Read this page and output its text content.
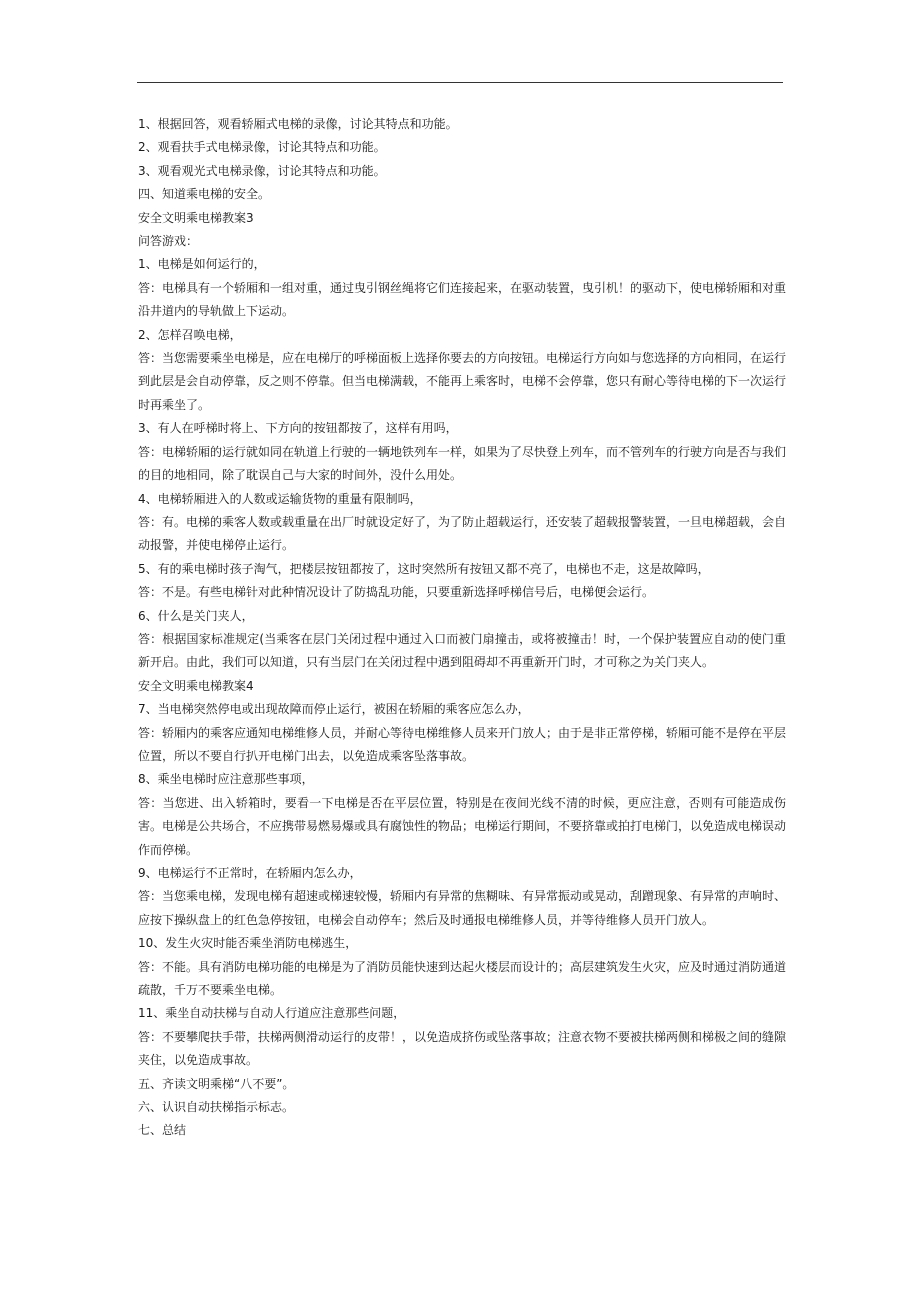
1、根据回答，观看轿厢式电梯的录像，讨论其特点和功能。

2、观看扶手式电梯录像，讨论其特点和功能。

3、观看观光式电梯录像，讨论其特点和功能。

四、知道乘电梯的安全。

安全文明乘电梯教案3

问答游戏：

1、电梯是如何运行的，

答：电梯具有一个轿厢和一组对重，通过曳引钢丝绳将它们连接起来，在驱动装置，曳引机！的驱动下，使电梯轿厢和对重沿井道内的导轨做上下运动。

2、怎样召唤电梯，

答：当您需要乘坐电梯是，应在电梯厅的呼梯面板上选择你要去的方向按钮。电梯运行方向如与您选择的方向相同，在运行到此层是会自动停靠，反之则不停靠。但当电梯满载，不能再上乘客时，电梯不会停靠，您只有耐心等待电梯的下一次运行时再乘坐了。

3、有人在呼梯时将上、下方向的按钮都按了，这样有用吗，

答：电梯轿厢的运行就如同在轨道上行驶的一辆地铁列车一样，如果为了尽快登上列车，而不管列车的行驶方向是否与我们的目的地相同，除了耽误自己与大家的时间外，没什么用处。

4、电梯轿厢进入的人数或运输货物的重量有限制吗，

答：有。电梯的乘客人数或载重量在出厂时就设定好了，为了防止超载运行，还安装了超载报警装置，一旦电梯超载，会自动报警，并使电梯停止运行。

5、有的乘电梯时孩子淘气，把楼层按钮都按了，这时突然所有按钮又都不亮了，电梯也不走，这是故障吗，

答：不是。有些电梯针对此种情况设计了防捣乱功能，只要重新选择呼梯信号后，电梯便会运行。

6、什么是关门夹人，

答：根据国家标准规定(当乘客在层门关闭过程中通过入口而被门扇撞击，或将被撞击！时，一个保护装置应自动的使门重新开启。由此，我们可以知道，只有当层门在关闭过程中遇到阻碍却不再重新开门时，才可称之为关门夹人。

安全文明乘电梯教案4

7、当电梯突然停电或出现故障而停止运行，被困在轿厢的乘客应怎么办，

答：轿厢内的乘客应通知电梯维修人员，并耐心等待电梯维修人员来开门放人；由于是非正常停梯，轿厢可能不是停在平层位置，所以不要自行扒开电梯门出去，以免造成乘客坠落事故。

8、乘坐电梯时应注意那些事项，

答：当您进、出入轿箱时，要看一下电梯是否在平层位置，特别是在夜间光线不清的时候，更应注意，否则有可能造成伤害。电梯是公共场合，不应携带易燃易爆或具有腐蚀性的物品；电梯运行期间，不要挤靠或拍打电梯门，以免造成电梯误动作而停梯。

9、电梯运行不正常时，在轿厢内怎么办，

答：当您乘电梯，发现电梯有超速或梯速较慢，轿厢内有异常的焦糊味、有异常振动或晃动，刮蹭现象、有异常的声响时、应按下操纵盘上的红色急停按钮，电梯会自动停车；然后及时通报电梯维修人员，并等待维修人员开门放人。

10、发生火灾时能否乘坐消防电梯逃生，

答：不能。具有消防电梯功能的电梯是为了消防员能快速到达起火楼层而设计的；高层建筑发生火灾，应及时通过消防通道疏散，千万不要乘坐电梯。

11、乘坐自动扶梯与自动人行道应注意那些问题，

答：不要攀爬扶手带，扶梯两侧滑动运行的皮带！，以免造成挤伤或坠落事故；注意衣物不要被扶梯两侧和梯极之间的缝隙夹住，以免造成事故。

五、齐读文明乘梯“八不要”。

六、认识自动扶梯指示标志。

七、总结
